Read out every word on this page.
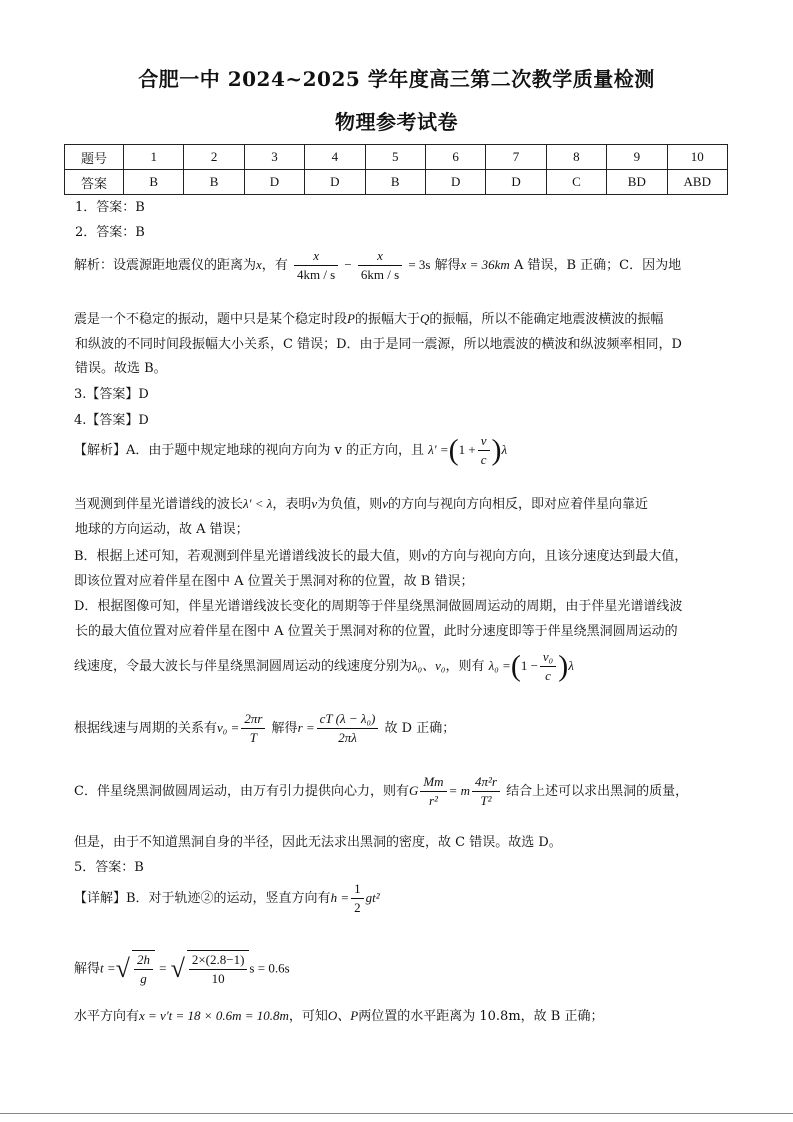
合肥一中 2024~2025 学年度高三第二次教学质量检测
物理参考试卷
题号	1	2	3	4	5	6	7	8	9	10
答案	B	B	D	D	B	D	D	C	BD	ABD
1．答案：B
2．答案：B
解析：设震源距地震仪的距离为x，有 $\frac{x}{4km / s} - \frac{x}{6km / s} = 3s$ 解得x = 36km A 错误，B 正确；C．因为地
震是一个不稳定的振动，题中只是某个稳定时段P的振幅大于Q的振幅，所以不能确定地震波横波的振幅
和纵波的不同时间段振幅大小关系，C 错误；D．由于是同一震源，所以地震波的横波和纵波频率相同，D
错误。故选 B。
3.【答案】D
4.【答案】D
【解析】A．由于题中规定地球的视向方向为 v 的正方向，且 $\lambda' =(1 + \frac{v}{c} )\lambda$
当观测到伴星光谱谱线的波长λ′ < λ，表明v为负值，则v的方向与视向方向相反，即对应着伴星向靠近
地球的方向运动，故 A 错误；
B．根据上述可知，若观测到伴星光谱谱线波长的最大值，则v的方向与视向方向，且该分速度达到最大值，
即该位置对应着伴星在图中 A 位置关于黑洞对称的位置，故 B 错误；
D．根据图像可知，伴星光谱谱线波长变化的周期等于伴星绕黑洞做圆周运动的周期，由于伴星光谱谱线波
长的最大值位置对应着伴星在图中 A 位置关于黑洞对称的位置，此时分速度即等于伴星绕黑洞圆周运动的
线速度，令最大波长与伴星绕黑洞圆周运动的线速度分别为λ₀、v₀，则有 $\lambda_0 =(1 - \frac{\text{v₀}}{c} )\lambda$
根据线速与周期的关系有$v_0 = \frac{2\pi r}{T}$ 解得$r = \frac{\text{cT (λ − λ₀)}}{2\pi\lambda}$ 故 D 正确；
C．伴星绕黑洞做圆周运动，由万有引力提供向心力，则有G $\frac{Mm}{\text{r²}} = m \frac{\text{4π²r}}{\text{T²}}$ 结合上述可以求出黑洞的质量，
但是，由于不知道黑洞自身的半径，因此无法求出黑洞的密度，故 C 错误。故选 D。
5．答案：B
【详解】B．对于轨迹②的运动，竖直方向有$h = \frac{1}{2} gt^2$
解得t =√ $\frac{2h}{g}$ = √ $\frac{2\times(2.8-1)}{10}$ s = 0.6s
水平方向有x = v′t = 18 × 0.6m = 10.8m，可知O、P两位置的水平距离为 10.8m，故 B 正确；
